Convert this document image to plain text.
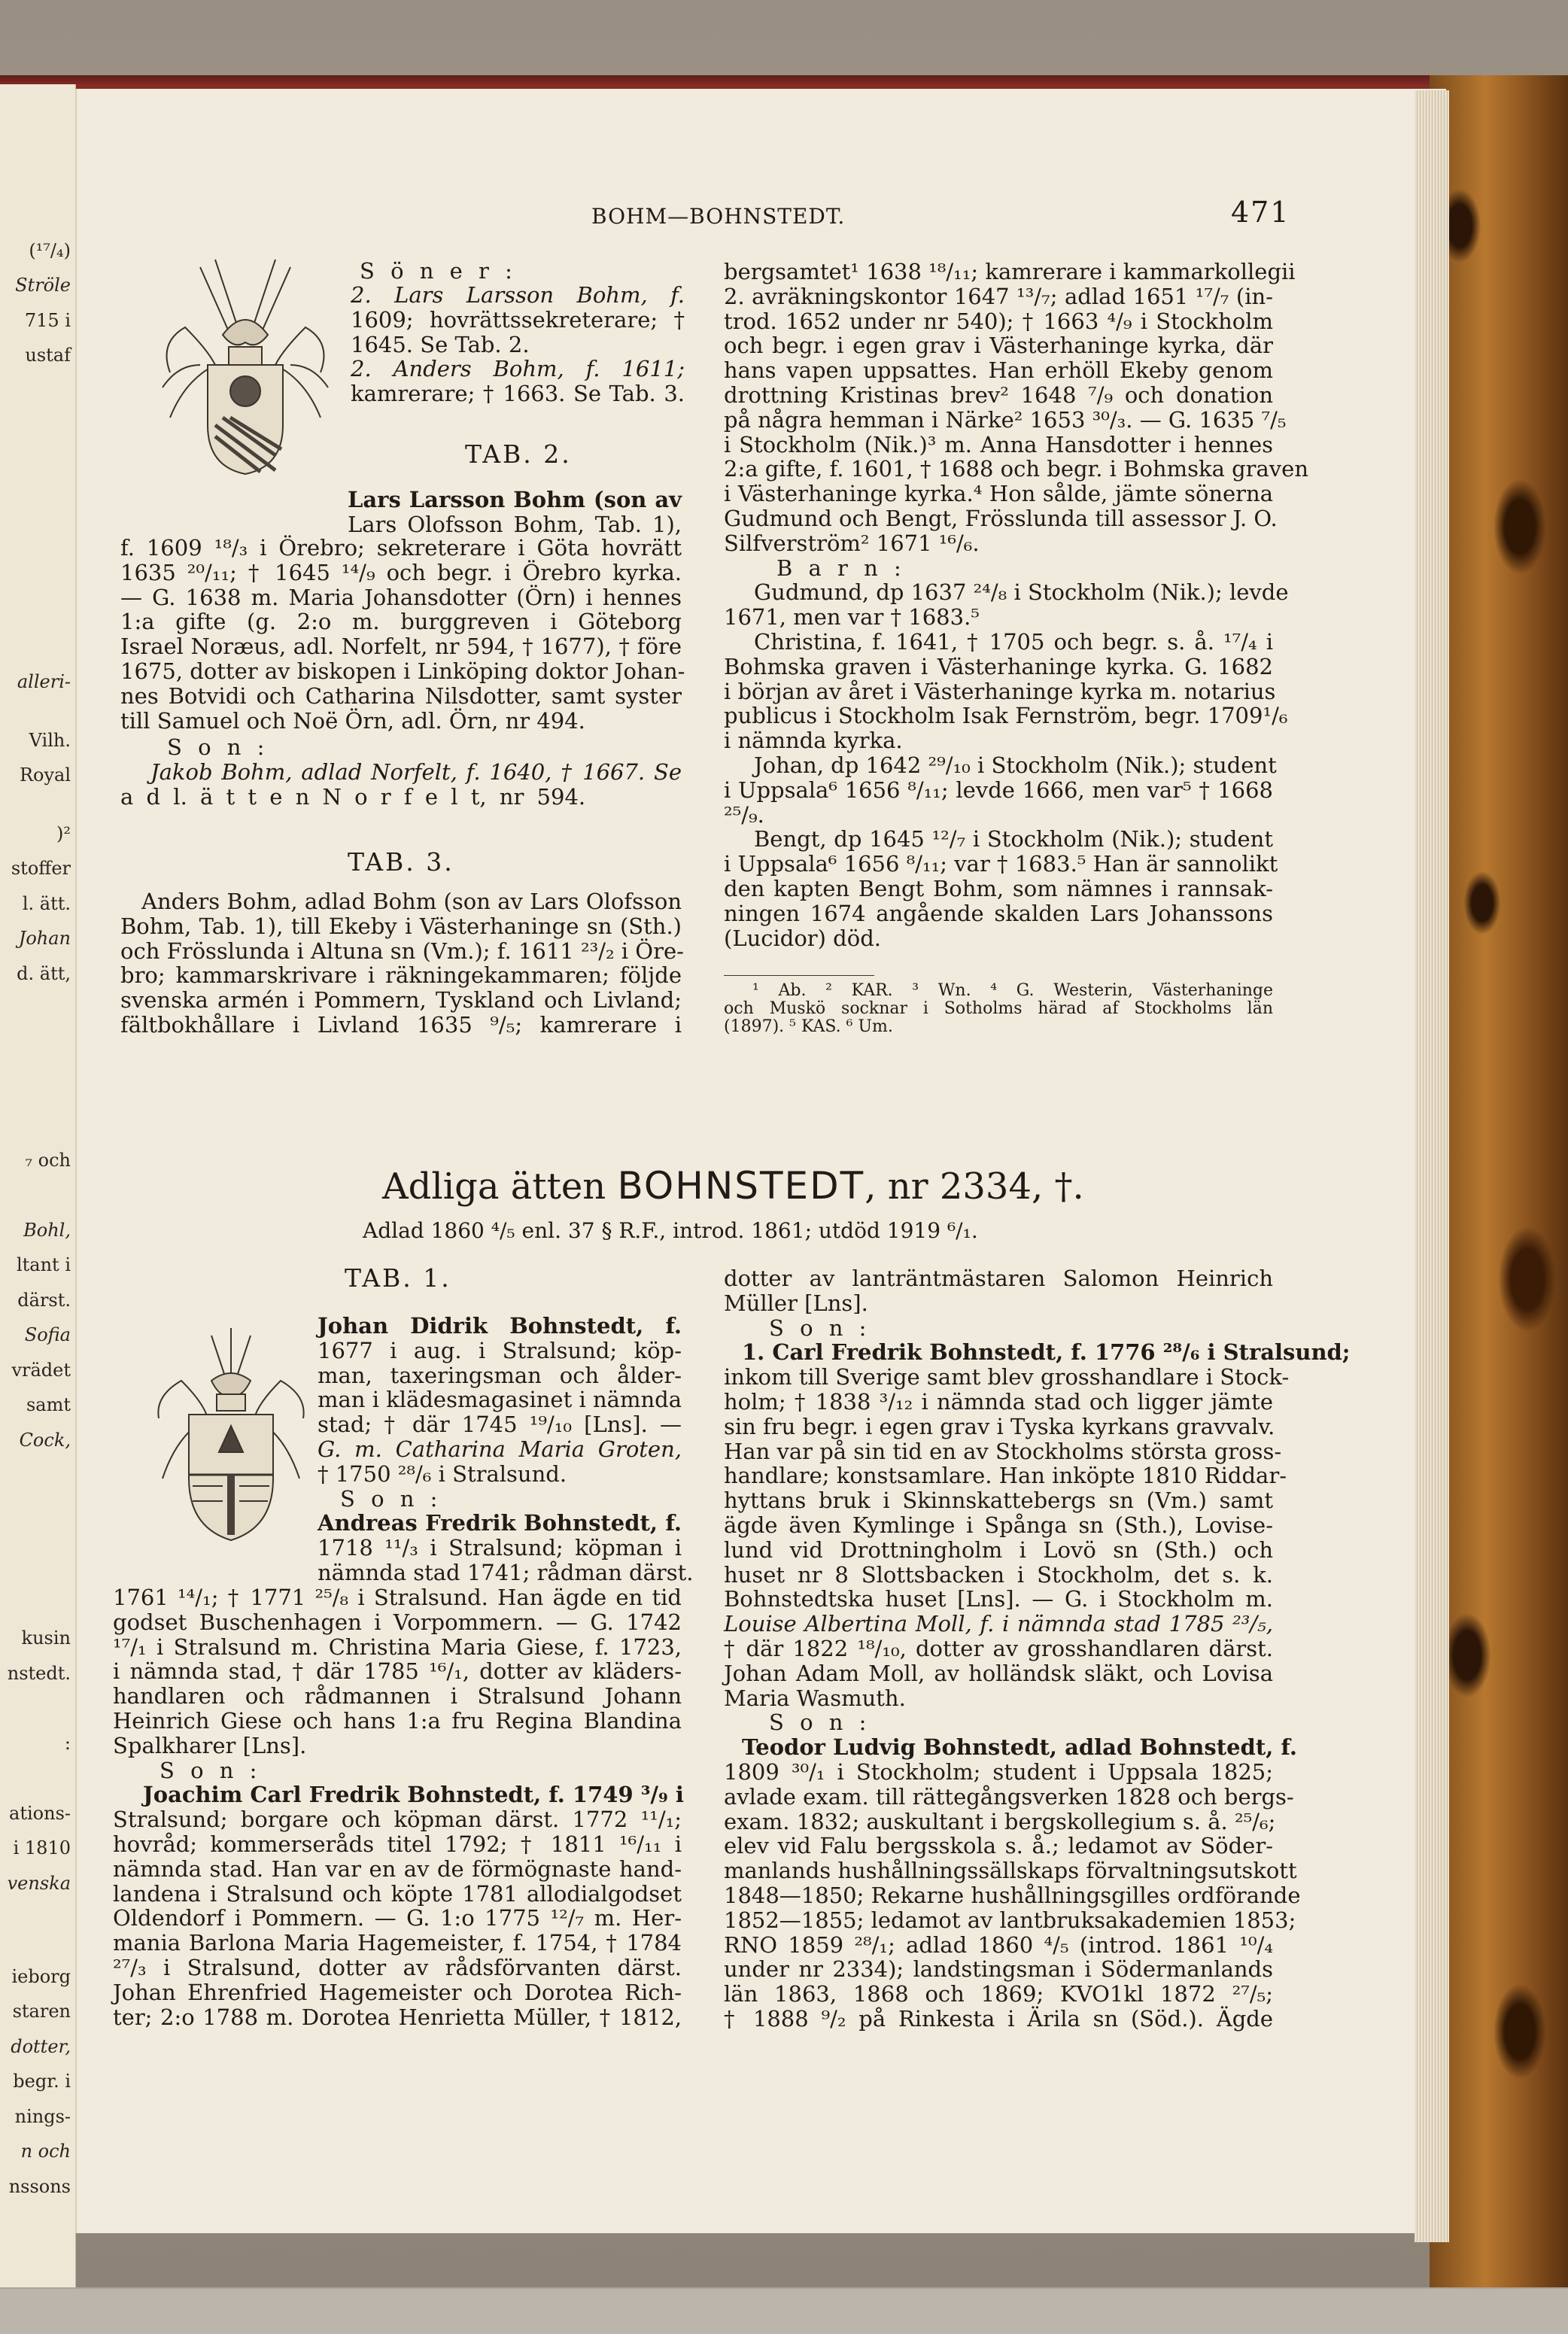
(¹⁷/₄)
Ströle
715 i
ustaf
alleri-
Vilh.
Royal
)²
stoffer
l. ätt.
Johan
d. ätt,
₇ och
Bohl,
ltant i
därst.
Sofia
vrädet
samt
Cock,
kusin
nstedt.
:
ations-
i 1810
venska
ieborg
staren
dotter,
begr. i
nings-
n och
nssons
BOHM—BOHNSTEDT.	471
S ö n e r :
2. Lars Larsson Bohm, f.
1609; hovrättssekreterare; †
1645. Se Tab. 2.
2. Anders Bohm, f. 1611;
kamrerare; † 1663. Se Tab. 3.
TAB. 2.
Lars Larsson Bohm (son av
Lars Olofsson Bohm, Tab. 1),
f. 1609 ¹⁸/₃ i Örebro; sekreterare i Göta hovrätt
1635 ²⁰/₁₁; † 1645 ¹⁴/₉ och begr. i Örebro kyrka.
— G. 1638 m. Maria Johansdotter (Örn) i hennes
1:a gifte (g. 2:o m. burggreven i Göteborg
Israel Noræus, adl. Norfelt, nr 594, † 1677), † före
1675, dotter av biskopen i Linköping doktor Johan-
nes Botvidi och Catharina Nilsdotter, samt syster
till Samuel och Noë Örn, adl. Örn, nr 494.
S o n :
Jakob Bohm, adlad Norfelt, f. 1640, † 1667. Se
a d l. ä t t e n N o r f e l t, nr 594.
TAB. 3.
Anders Bohm, adlad Bohm (son av Lars Olofsson
Bohm, Tab. 1), till Ekeby i Västerhaninge sn (Sth.)
och Frösslunda i Altuna sn (Vm.); f. 1611 ²³/₂ i Öre-
bro; kammarskrivare i räkningekammaren; följde
svenska armén i Pommern, Tyskland och Livland;
fältbokhållare i Livland 1635 ⁹/₅; kamrerare i
bergsamtet¹ 1638 ¹⁸/₁₁; kamrerare i kammarkollegii
2. avräkningskontor 1647 ¹³/₇; adlad 1651 ¹⁷/₇ (in-
trod. 1652 under nr 540); † 1663 ⁴/₉ i Stockholm
och begr. i egen grav i Västerhaninge kyrka, där
hans vapen uppsattes. Han erhöll Ekeby genom
drottning Kristinas brev² 1648 ⁷/₉ och donation
på några hemman i Närke² 1653 ³⁰/₃. — G. 1635 ⁷/₅
i Stockholm (Nik.)³ m. Anna Hansdotter i hennes
2:a gifte, f. 1601, † 1688 och begr. i Bohmska graven
i Västerhaninge kyrka.⁴ Hon sålde, jämte sönerna
Gudmund och Bengt, Frösslunda till assessor J. O.
Silfverström² 1671 ¹⁶/₆.
B a r n :
Gudmund, dp 1637 ²⁴/₈ i Stockholm (Nik.); levde
1671, men var † 1683.⁵
Christina, f. 1641, † 1705 och begr. s. å. ¹⁷/₄ i
Bohmska graven i Västerhaninge kyrka. G. 1682
i början av året i Västerhaninge kyrka m. notarius
publicus i Stockholm Isak Fernström, begr. 1709¹/₆
i nämnda kyrka.
Johan, dp 1642 ²⁹/₁₀ i Stockholm (Nik.); student
i Uppsala⁶ 1656 ⁸/₁₁; levde 1666, men var⁵ † 1668
²⁵/₉.
Bengt, dp 1645 ¹²/₇ i Stockholm (Nik.); student
i Uppsala⁶ 1656 ⁸/₁₁; var † 1683.⁵ Han är sannolikt
den kapten Bengt Bohm, som nämnes i rannsak-
ningen 1674 angående skalden Lars Johanssons
(Lucidor) död.
¹ Ab. ² KAR. ³ Wn. ⁴ G. Westerin, Västerhaninge
och Muskö socknar i Sotholms härad af Stockholms län
(1897). ⁵ KAS. ⁶ Um.
Adliga ätten BOHNSTEDT, nr 2334, †.
Adlad 1860 ⁴/₅ enl. 37 § R.F., introd. 1861; utdöd 1919 ⁶/₁.
TAB. 1.
Johan Didrik Bohnstedt, f.
1677 i aug. i Stralsund; köp-
man, taxeringsman och ålder-
man i klädesmagasinet i nämnda
stad; † där 1745 ¹⁹/₁₀ [Lns]. —
G. m. Catharina Maria Groten,
† 1750 ²⁸/₆ i Stralsund.
S o n :
Andreas Fredrik Bohnstedt, f.
1718 ¹¹/₃ i Stralsund; köpman i
nämnda stad 1741; rådman därst.
1761 ¹⁴/₁; † 1771 ²⁵/₈ i Stralsund. Han ägde en tid
godset Buschenhagen i Vorpommern. — G. 1742
¹⁷/₁ i Stralsund m. Christina Maria Giese, f. 1723,
i nämnda stad, † där 1785 ¹⁶/₁, dotter av kläders-
handlaren och rådmannen i Stralsund Johann
Heinrich Giese och hans 1:a fru Regina Blandina
Spalkharer [Lns].
S o n :
Joachim Carl Fredrik Bohnstedt, f. 1749 ³/₉ i
Stralsund; borgare och köpman därst. 1772 ¹¹/₁;
hovråd; kommerseråds titel 1792; † 1811 ¹⁶/₁₁ i
nämnda stad. Han var en av de förmögnaste hand-
landena i Stralsund och köpte 1781 allodialgodset
Oldendorf i Pommern. — G. 1:o 1775 ¹²/₇ m. Her-
mania Barlona Maria Hagemeister, f. 1754, † 1784
²⁷/₃ i Stralsund, dotter av rådsförvanten därst.
Johan Ehrenfried Hagemeister och Dorotea Rich-
ter; 2:o 1788 m. Dorotea Henrietta Müller, † 1812,
dotter av lanträntmästaren Salomon Heinrich
Müller [Lns].
S o n :
1. Carl Fredrik Bohnstedt, f. 1776 ²⁸/₆ i Stralsund;
inkom till Sverige samt blev grosshandlare i Stock-
holm; † 1838 ³/₁₂ i nämnda stad och ligger jämte
sin fru begr. i egen grav i Tyska kyrkans gravvalv.
Han var på sin tid en av Stockholms största gross-
handlare; konstsamlare. Han inköpte 1810 Riddar-
hyttans bruk i Skinnskattebergs sn (Vm.) samt
ägde även Kymlinge i Spånga sn (Sth.), Lovise-
lund vid Drottningholm i Lovö sn (Sth.) och
huset nr 8 Slottsbacken i Stockholm, det s. k.
Bohnstedtska huset [Lns]. — G. i Stockholm m.
Louise Albertina Moll, f. i nämnda stad 1785 ²³/₅,
† där 1822 ¹⁸/₁₀, dotter av grosshandlaren därst.
Johan Adam Moll, av holländsk släkt, och Lovisa
Maria Wasmuth.
S o n :
Teodor Ludvig Bohnstedt, adlad Bohnstedt, f.
1809 ³⁰/₁ i Stockholm; student i Uppsala 1825;
avlade exam. till rättegångsverken 1828 och bergs-
exam. 1832; auskultant i bergskollegium s. å. ²⁵/₆;
elev vid Falu bergsskola s. å.; ledamot av Söder-
manlands hushållningssällskaps förvaltningsutskott
1848—1850; Rekarne hushållningsgilles ordförande
1852—1855; ledamot av lantbruksakademien 1853;
RNO 1859 ²⁸/₁; adlad 1860 ⁴/₅ (introd. 1861 ¹⁰/₄
under nr 2334); landstingsman i Södermanlands
län 1863, 1868 och 1869; KVO1kl 1872 ²⁷/₅;
† 1888 ⁹/₂ på Rinkesta i Ärila sn (Söd.). Ägde
